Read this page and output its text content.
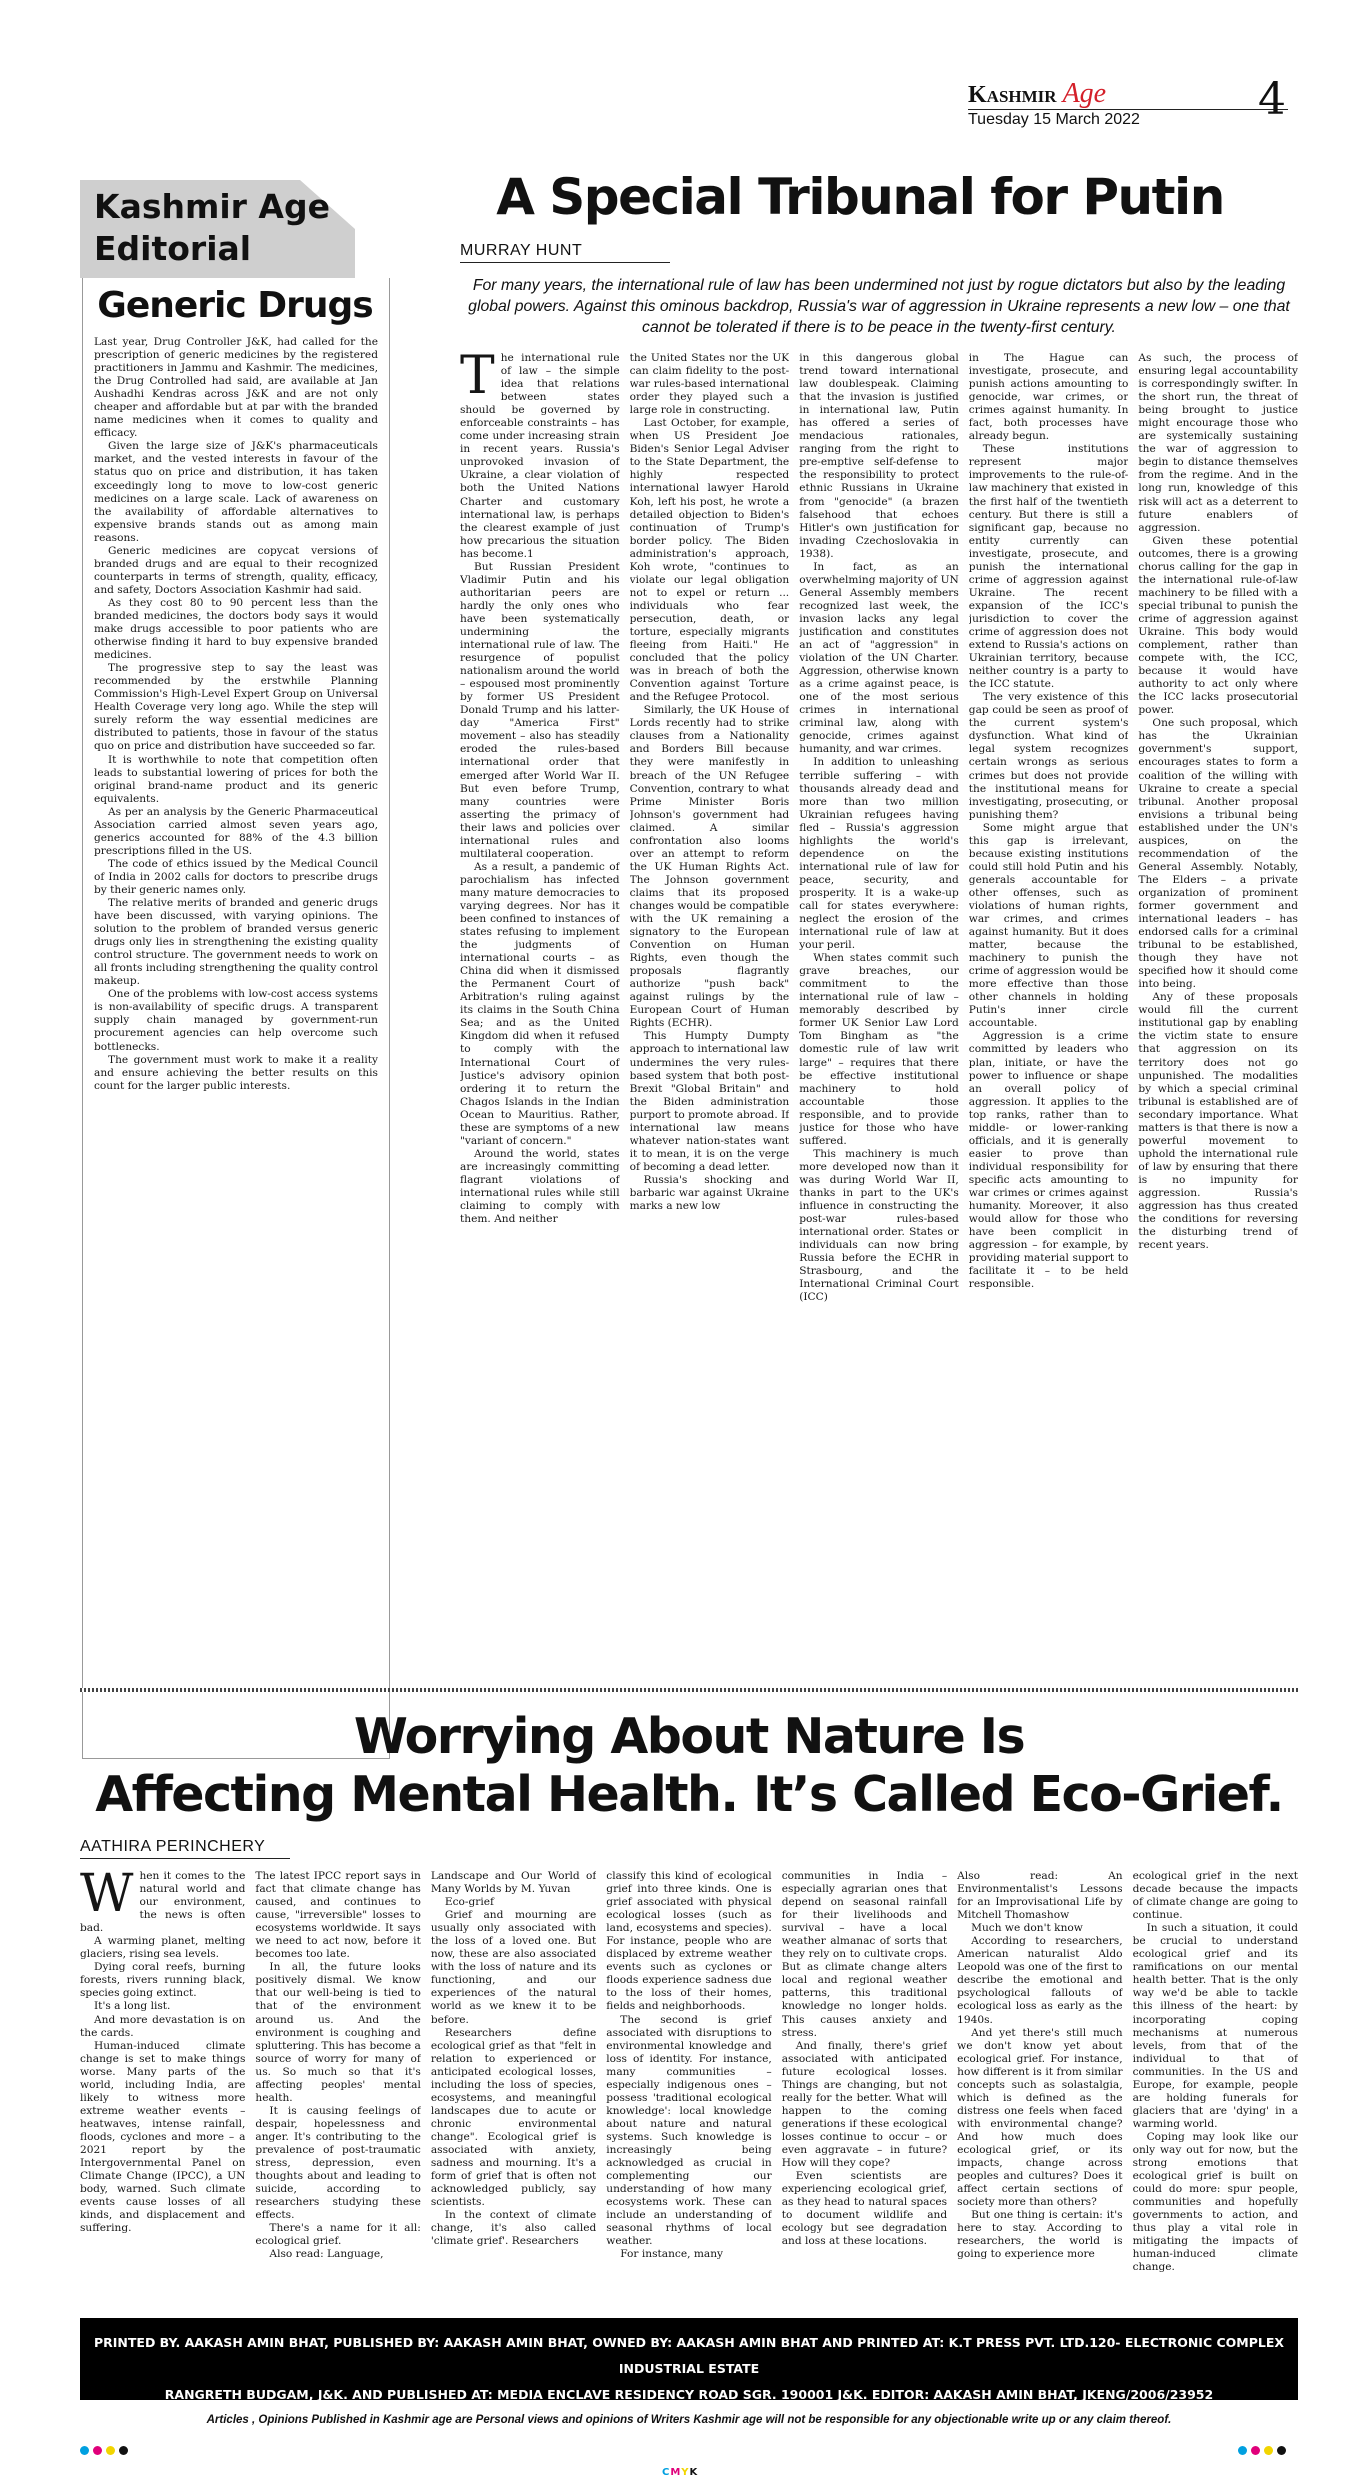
Kashmir Age
Tuesday 15 March 2022	4
Kashmir Age
Editorial
Generic Drugs

Last year, Drug Controller J&K, had called for the prescription of generic medicines by the registered practitioners in Jammu and Kashmir. The medicines, the Drug Controlled had said, are available at Jan Aushadhi Kendras across J&K and are not only cheaper and affordable but at par with the branded name medicines when it comes to quality and efficacy.

Given the large size of J&K's pharmaceuticals market, and the vested interests in favour of the status quo on price and distribution, it has taken exceedingly long to move to low-cost generic medicines on a large scale. Lack of awareness on the availability of affordable alternatives to expensive brands stands out as among main reasons.

Generic medicines are copycat versions of branded drugs and are equal to their recognized counterparts in terms of strength, quality, efficacy, and safety, Doctors Association Kashmir had said.

As they cost 80 to 90 percent less than the branded medicines, the doctors body says it would make drugs accessible to poor patients who are otherwise finding it hard to buy expensive branded medicines.

The progressive step to say the least was recommended by the erstwhile Planning Commission's High-Level Expert Group on Universal Health Coverage very long ago. While the step will surely reform the way essential medicines are distributed to patients, those in favour of the status quo on price and distribution have succeeded so far.

It is worthwhile to note that competition often leads to substantial lowering of prices for both the original brand-name product and its generic equivalents.

As per an analysis by the Generic Pharmaceutical Association carried almost seven years ago, generics accounted for 88% of the 4.3 billion prescriptions filled in the US.

The code of ethics issued by the Medical Council of India in 2002 calls for doctors to prescribe drugs by their generic names only.

The relative merits of branded and generic drugs have been discussed, with varying opinions. The solution to the problem of branded versus generic drugs only lies in strengthening the existing quality control structure. The government needs to work on all fronts including strengthening the quality control makeup.

One of the problems with low-cost access systems is non-availability of specific drugs. A transparent supply chain managed by government-run procurement agencies can help overcome such bottlenecks.

The government must work to make it a reality and ensure achieving the better results on this count for the larger public interests.

A Special Tribunal for Putin
MURRAY HUNT
For many years, the international rule of law has been undermined not just by rogue dictators but also by the leading global powers. Against this ominous backdrop, Russia's war of aggression in Ukraine represents a new low – one that cannot be tolerated if there is to be peace in the twenty-first century.

The international rule of law – the simple idea that relations between states should be governed by enforceable constraints – has come under increasing strain in recent years. Russia's unprovoked invasion of Ukraine, a clear violation of both the United Nations Charter and customary international law, is perhaps the clearest example of just how precarious the situation has become.1

But Russian President Vladimir Putin and his authoritarian peers are hardly the only ones who have been systematically undermining the international rule of law. The resurgence of populist nationalism around the world – espoused most prominently by former US President Donald Trump and his latter-day "America First" movement – also has steadily eroded the rules-based international order that emerged after World War II. But even before Trump, many countries were asserting the primacy of their laws and policies over international rules and multilateral cooperation.

As a result, a pandemic of parochialism has infected many mature democracies to varying degrees. Nor has it been confined to instances of states refusing to implement the judgments of international courts – as China did when it dismissed the Permanent Court of Arbitration's ruling against its claims in the South China Sea; and as the United Kingdom did when it refused to comply with the International Court of Justice's advisory opinion ordering it to return the Chagos Islands in the Indian Ocean to Mauritius. Rather, these are symptoms of a new "variant of concern."

Around the world, states are increasingly committing flagrant violations of international rules while still claiming to comply with them. And neither

the United States nor the UK can claim fidelity to the post-war rules-based international order they played such a large role in constructing.

Last October, for example, when US President Joe Biden's Senior Legal Adviser to the State Department, the highly respected international lawyer Harold Koh, left his post, he wrote a detailed objection to Biden's continuation of Trump's border policy. The Biden administration's approach, Koh wrote, "continues to violate our legal obligation not to expel or return ... individuals who fear persecution, death, or torture, especially migrants fleeing from Haiti." He concluded that the policy was in breach of both the Convention against Torture and the Refugee Protocol.

Similarly, the UK House of Lords recently had to strike clauses from a Nationality and Borders Bill because they were manifestly in breach of the UN Refugee Convention, contrary to what Prime Minister Boris Johnson's government had claimed. A similar confrontation also looms over an attempt to reform the UK Human Rights Act. The Johnson government claims that its proposed changes would be compatible with the UK remaining a signatory to the European Convention on Human Rights, even though the proposals flagrantly authorize "push back" against rulings by the European Court of Human Rights (ECHR).

This Humpty Dumpty approach to international law undermines the very rules-based system that both post-Brexit "Global Britain" and the Biden administration purport to promote abroad. If international law means whatever nation-states want it to mean, it is on the verge of becoming a dead letter.

Russia's shocking and barbaric war against Ukraine marks a new low

in this dangerous global trend toward international law doublespeak. Claiming that the invasion is justified in international law, Putin has offered a series of mendacious rationales, ranging from the right to pre-emptive self-defense to the responsibility to protect ethnic Russians in Ukraine from "genocide" (a brazen falsehood that echoes Hitler's own justification for invading Czechoslovakia in 1938).

In fact, as an overwhelming majority of UN General Assembly members recognized last week, the invasion lacks any legal justification and constitutes an act of "aggression" in violation of the UN Charter. Aggression, otherwise known as a crime against peace, is one of the most serious crimes in international criminal law, along with genocide, crimes against humanity, and war crimes.

In addition to unleashing terrible suffering – with thousands already dead and more than two million Ukrainian refugees having fled – Russia's aggression highlights the world's dependence on the international rule of law for peace, security, and prosperity. It is a wake-up call for states everywhere: neglect the erosion of the international rule of law at your peril.

When states commit such grave breaches, our commitment to the international rule of law – memorably described by former UK Senior Law Lord Tom Bingham as "the domestic rule of law writ large" – requires that there be effective institutional machinery to hold accountable those responsible, and to provide justice for those who have suffered.

This machinery is much more developed now than it was during World War II, thanks in part to the UK's influence in constructing the post-war rules-based international order. States or individuals can now bring Russia before the ECHR in Strasbourg, and the International Criminal Court (ICC)

in The Hague can investigate, prosecute, and punish actions amounting to genocide, war crimes, or crimes against humanity. In fact, both processes have already begun.

These institutions represent major improvements to the rule-of-law machinery that existed in the first half of the twentieth century. But there is still a significant gap, because no entity currently can investigate, prosecute, and punish the international crime of aggression against Ukraine. The recent expansion of the ICC's jurisdiction to cover the crime of aggression does not extend to Russia's actions on Ukrainian territory, because neither country is a party to the ICC statute.

The very existence of this gap could be seen as proof of the current system's dysfunction. What kind of legal system recognizes certain wrongs as serious crimes but does not provide the institutional means for investigating, prosecuting, or punishing them?

Some might argue that this gap is irrelevant, because existing institutions could still hold Putin and his generals accountable for other offenses, such as violations of human rights, war crimes, and crimes against humanity. But it does matter, because the machinery to punish the crime of aggression would be more effective than those other channels in holding Putin's inner circle accountable.

Aggression is a crime committed by leaders who plan, initiate, or have the power to influence or shape an overall policy of aggression. It applies to the top ranks, rather than to middle- or lower-ranking officials, and it is generally easier to prove than individual responsibility for specific acts amounting to war crimes or crimes against humanity. Moreover, it also would allow for those who have been complicit in aggression – for example, by providing material support to facilitate it – to be held responsible.

As such, the process of ensuring legal accountability is correspondingly swifter. In the short run, the threat of being brought to justice might encourage those who are systemically sustaining the war of aggression to begin to distance themselves from the regime. And in the long run, knowledge of this risk will act as a deterrent to future enablers of aggression.

Given these potential outcomes, there is a growing chorus calling for the gap in the international rule-of-law machinery to be filled with a special tribunal to punish the crime of aggression against Ukraine. This body would complement, rather than compete with, the ICC, because it would have authority to act only where the ICC lacks prosecutorial power.

One such proposal, which has the Ukrainian government's support, encourages states to form a coalition of the willing with Ukraine to create a special tribunal. Another proposal envisions a tribunal being established under the UN's auspices, on the recommendation of the General Assembly. Notably, The Elders – a private organization of prominent former government and international leaders – has endorsed calls for a criminal tribunal to be established, though they have not specified how it should come into being.

Any of these proposals would fill the current institutional gap by enabling the victim state to ensure that aggression on its territory does not go unpunished. The modalities by which a special criminal tribunal is established are of secondary importance. What matters is that there is now a powerful movement to uphold the international rule of law by ensuring that there is no impunity for aggression. Russia's aggression has thus created the conditions for reversing the disturbing trend of recent years.

Worrying About Nature Is
Affecting Mental Health. It’s Called Eco-Grief.
AATHIRA PERINCHERY

When it comes to the natural world and our environment, the news is often bad.

A warming planet, melting glaciers, rising sea levels.

Dying coral reefs, burning forests, rivers running black, species going extinct.

It's a long list.

And more devastation is on the cards.

Human-induced climate change is set to make things worse. Many parts of the world, including India, are likely to witness more extreme weather events – heatwaves, intense rainfall, floods, cyclones and more – a 2021 report by the Intergovernmental Panel on Climate Change (IPCC), a UN body, warned. Such climate events cause losses of all kinds, and displacement and suffering.

The latest IPCC report says in fact that climate change has caused, and continues to cause, "irreversible" losses to ecosystems worldwide. It says we need to act now, before it becomes too late.

In all, the future looks positively dismal. We know that our well-being is tied to that of the environment around us. And the environment is coughing and spluttering. This has become a source of worry for many of us. So much so that it's affecting peoples' mental health.

It is causing feelings of despair, hopelessness and anger. It's contributing to the prevalence of post-traumatic stress, depression, even thoughts about and leading to suicide, according to researchers studying these effects.

There's a name for it all: ecological grief.

Also read: Language,

Landscape and Our World of Many Worlds by M. Yuvan

Eco-grief

Grief and mourning are usually only associated with the loss of a loved one. But now, these are also associated with the loss of nature and its functioning, and our experiences of the natural world as we knew it to be before.

Researchers define ecological grief as that "felt in relation to experienced or anticipated ecological losses, including the loss of species, ecosystems, and meaningful landscapes due to acute or chronic environmental change". Ecological grief is associated with anxiety, sadness and mourning. It's a form of grief that is often not acknowledged publicly, say scientists.

In the context of climate change, it's also called 'climate grief'. Researchers

classify this kind of ecological grief into three kinds. One is grief associated with physical ecological losses (such as land, ecosystems and species). For instance, people who are displaced by extreme weather events such as cyclones or floods experience sadness due to the loss of their homes, fields and neighborhoods.

The second is grief associated with disruptions to environmental knowledge and loss of identity. For instance, many communities – especially indigenous ones – possess 'traditional ecological knowledge': local knowledge about nature and natural systems. Such knowledge is increasingly being acknowledged as crucial in complementing our understanding of how many ecosystems work. These can include an understanding of seasonal rhythms of local weather.

For instance, many

communities in India – especially agrarian ones that depend on seasonal rainfall for their livelihoods and survival – have a local weather almanac of sorts that they rely on to cultivate crops. But as climate change alters local and regional weather patterns, this traditional knowledge no longer holds. This causes anxiety and stress.

And finally, there's grief associated with anticipated future ecological losses. Things are changing, but not really for the better. What will happen to the coming generations if these ecological losses continue to occur – or even aggravate – in future? How will they cope?

Even scientists are experiencing ecological grief, as they head to natural spaces to document wildlife and ecology but see degradation and loss at these locations.

Also read: An Environmentalist's Lessons for an Improvisational Life by Mitchell Thomashow

Much we don't know

According to researchers, American naturalist Aldo Leopold was one of the first to describe the emotional and psychological fallouts of ecological loss as early as the 1940s.

And yet there's still much we don't know yet about ecological grief. For instance, how different is it from similar concepts such as solastalgia, which is defined as the distress one feels when faced with environmental change? And how much does ecological grief, or its impacts, change across peoples and cultures? Does it affect certain sections of society more than others?

But one thing is certain: it's here to stay. According to researchers, the world is going to experience more

ecological grief in the next decade because the impacts of climate change are going to continue.

In such a situation, it could be crucial to understand ecological grief and its ramifications on our mental health better. That is the only way we'd be able to tackle this illness of the heart: by incorporating coping mechanisms at numerous levels, from that of the individual to that of communities. In the US and Europe, for example, people are holding funerals for glaciers that are 'dying' in a warming world.

Coping may look like our only way out for now, but the strong emotions that ecological grief is built on could do more: spur people, communities and hopefully governments to action, and thus play a vital role in mitigating the impacts of human-induced climate change.

PRINTED BY. AAKASH AMIN BHAT, PUBLISHED BY: AAKASH AMIN BHAT, OWNED BY: AAKASH AMIN BHAT AND PRINTED AT: K.T PRESS PVT. LTD.120- ELECTRONIC COMPLEX INDUSTRIAL ESTATE
RANGRETH BUDGAM, J&K. AND PUBLISHED AT: MEDIA ENCLAVE RESIDENCY ROAD SGR. 190001 J&K. EDITOR: AAKASH AMIN BHAT, JKENG/2006/23952
Articles , Opinions Published in Kashmir age are Personal views and opinions of Writers Kashmir age will not be responsible for any objectionable write up or any claim thereof.
CMYK
